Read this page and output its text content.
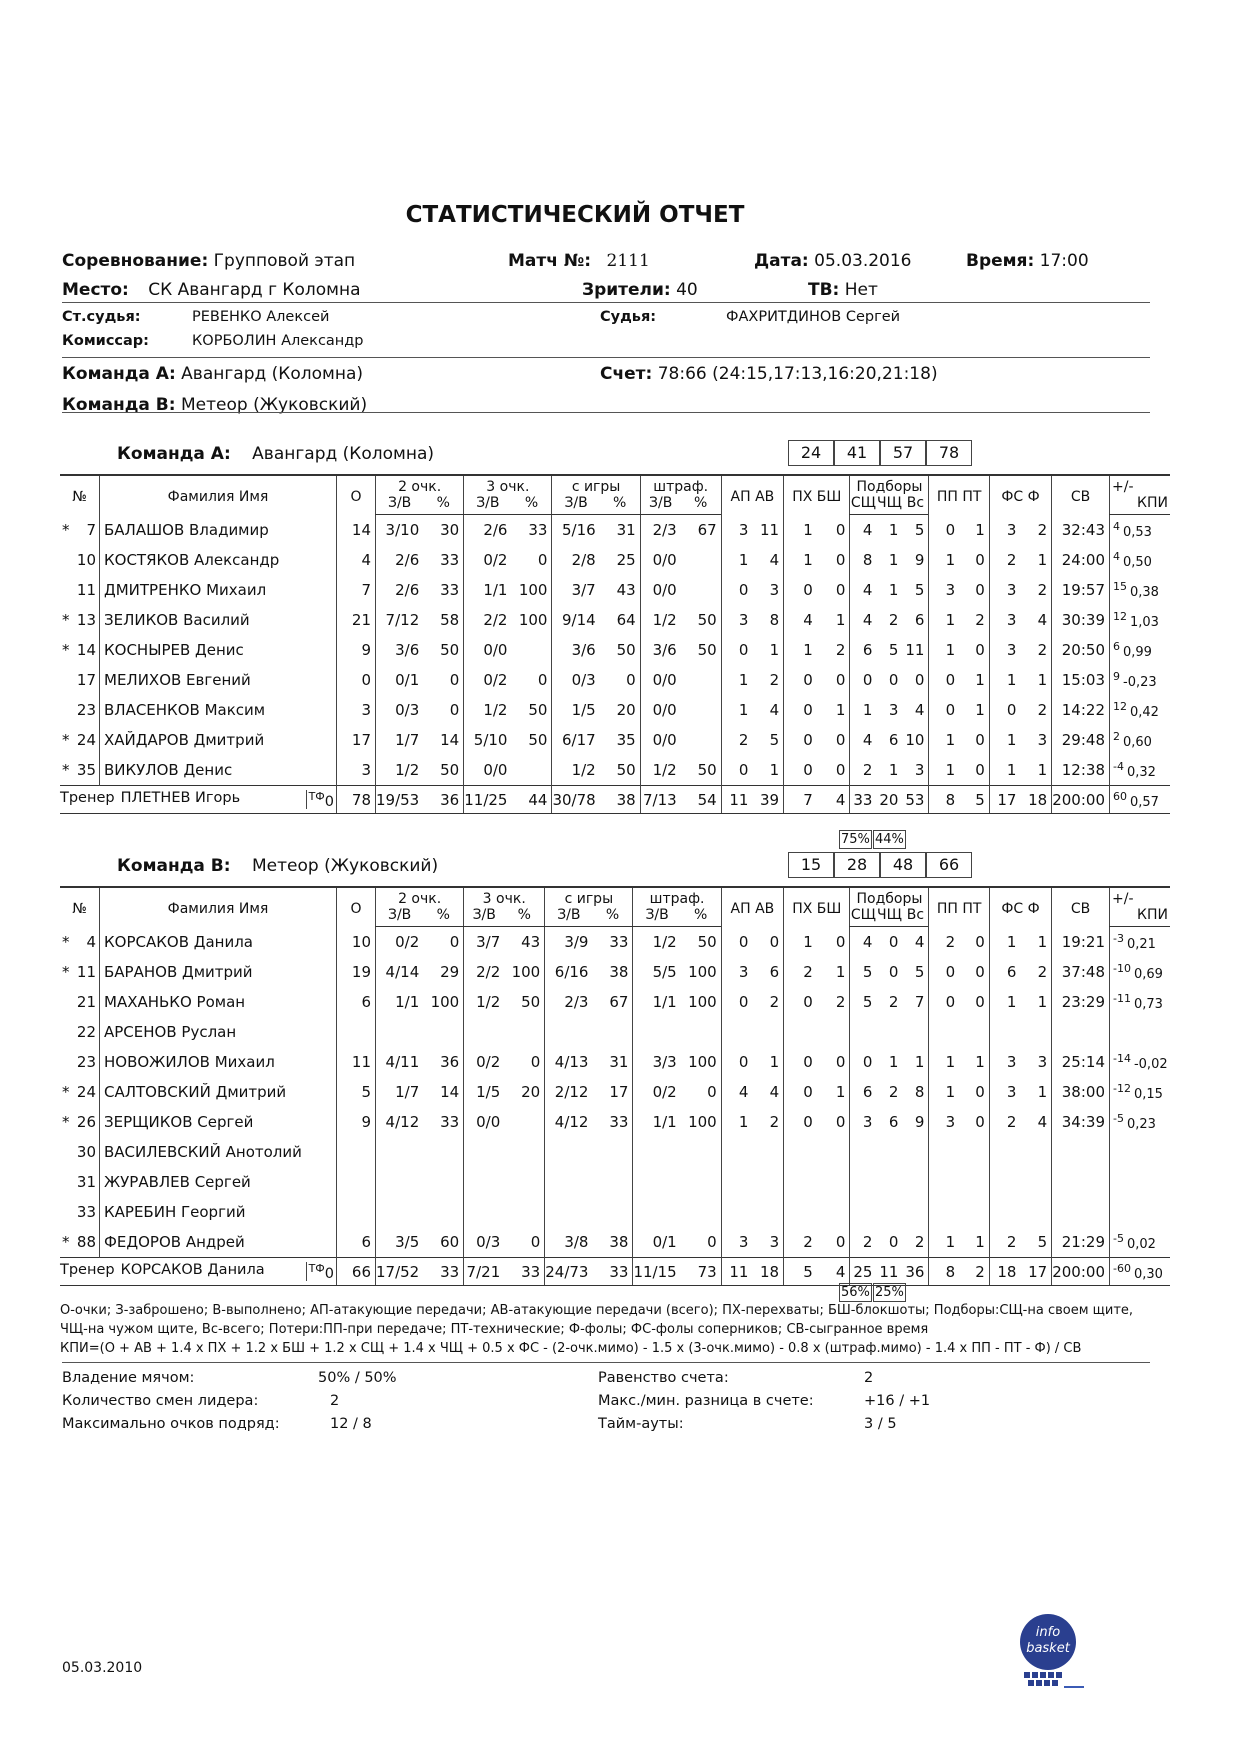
СТАТИСТИЧЕСКИЙ ОТЧЕТ
Соревнование: Групповой этап	Матч №: 2111	Дата: 05.03.2016	Время: 17:00
Место: СК Авангард г Коломна	Зрители: 40	ТВ: Нет
Ст.судья:	РЕВЕНКО Алексей	Судья:	ФАХРИТДИНОВ Сергей
Комиссар:	КОРБОЛИН Александр
Команда А: Авангард (Коломна)	Счет: 78:66 (24:15,17:13,16:20,21:18)
Команда В: Метеор (Жуковский)
Команда А: Авангард (Коломна)	24	41	57	78
№	Фамилия Имя	О	2 очк.		3 очк.		с игры		штраф.		АП АВ		ПХ БШ		Подборы			ПП ПТ		ФС Ф		СВ	+/-
			З/В	%	З/В	%	З/В	%	З/В	%					СЩ	ЧЩ	Вс						КПИ

* 7	БАЛАШОВ Владимир	14	3/10	30	2/6	33	5/16	31	2/3	67	3	11	1	0	4	1	5	0	1	3	2	32:43	$^4$ 0,53

10	КОСТЯКОВ Александр	4	2/6	33	0/2	0	2/8	25	0/0		1	4	1	0	8	1	9	1	0	2	1	24:00	$^4$ 0,50

11	ДМИТРЕНКО Михаил	7	2/6	33	1/1	100	3/7	43	0/0		0	3	0	0	4	1	5	3	0	3	2	19:57	$^{15}$ 0,38

* 13	ЗЕЛИКОВ Василий	21	7/12	58	2/2	100	9/14	64	1/2	50	3	8	4	1	4	2	6	1	2	3	4	30:39	$^{12}$ 1,03

* 14	КОСНЫРЕВ Денис	9	3/6	50	0/0		3/6	50	3/6	50	0	1	1	2	6	5	11	1	0	3	2	20:50	$^6$ 0,99

17	МЕЛИХОВ Евгений	0	0/1	0	0/2	0	0/3	0	0/0		1	2	0	0	0	0	0	0	1	1	1	15:03	$^9$ -0,23

23	ВЛАСЕНКОВ Максим	3	0/3	0	1/2	50	1/5	20	0/0		1	4	0	1	1	3	4	0	1	0	2	14:22	$^{12}$ 0,42

* 24	ХАЙДАРОВ Дмитрий	17	1/7	14	5/10	50	6/17	35	0/0		2	5	0	0	4	6	10	1	0	1	3	29:48	$^2$ 0,60

* 35	ВИКУЛОВ Денис	3	1/2	50	0/0		1/2	50	1/2	50	0	1	0	0	2	1	3	1	0	1	1	12:38	$^{-4}$ 0,32
Тренер ПЛЕТНЕВ Игорь $^{ТФ}$0		78	19/53	36	11/25	44	30/78	38	7/13	54	11	39	7	4	33	20	53	8	5	17	18	200:00	$^{60}$ 0,57
75% 44%
Команда В: Метеор (Жуковский)	15	28	48	66
№	Фамилия Имя	О	2 очк.		3 очк.		с игры		штраф.		АП АВ		ПХ БШ		Подборы			ПП ПТ		ФС Ф		СВ	+/-
			З/В	%	З/В	%	З/В	%	З/В	%					СЩ	ЧЩ	Вс						КПИ

* 4	КОРСАКОВ Данила	10	0/2	0	3/7	43	3/9	33	1/2	50	0	0	1	0	4	0	4	2	0	1	1	19:21	$^{-3}$ 0,21

* 11	БАРАНОВ Дмитрий	19	4/14	29	2/2	100	6/16	38	5/5	100	3	6	2	1	5	0	5	0	0	6	2	37:48	$^{-10}$ 0,69

21	МАХАНЬКО Роман	6	1/1	100	1/2	50	2/3	67	1/1	100	0	2	0	2	5	2	7	0	0	1	1	23:29	$^{-11}$ 0,73

22	АРСЕНОВ Руслан																						

23	НОВОЖИЛОВ Михаил	11	4/11	36	0/2	0	4/13	31	3/3	100	0	1	0	0	0	1	1	1	1	3	3	25:14	$^{-14}$ -0,02

* 24	САЛТОВСКИЙ Дмитрий	5	1/7	14	1/5	20	2/12	17	0/2	0	4	4	0	1	6	2	8	1	0	3	1	38:00	$^{-12}$ 0,15

* 26	ЗЕРЩИКОВ Сергей	9	4/12	33	0/0		4/12	33	1/1	100	1	2	0	0	3	6	9	3	0	2	4	34:39	$^{-5}$ 0,23

30	ВАСИЛЕВСКИЙ Анотолий																						

31	ЖУРАВЛЕВ Сергей																						

33	КАРЕБИН Георгий																						

* 88	ФЕДОРОВ Андрей	6	3/5	60	0/3	0	3/8	38	0/1	0	3	3	2	0	2	0	2	1	1	2	5	21:29	$^{-5}$ 0,02
Тренер КОРСАКОВ Данила $^{ТФ}$0		66	17/52	33	7/21	33	24/73	33	11/15	73	11	18	5	4	25	11	36	8	2	18	17	200:00	$^{-60}$ 0,30
56% 25%
О-очки; З-заброшено; В-выполнено; АП-атакующие передачи; АВ-атакующие передачи (всего); ПХ-перехваты; БШ-блокшоты; Подборы:СЩ-на своем щите,
ЧЩ-на чужом щите, Вс-всего; Потери:ПП-при передаче; ПТ-технические; Ф-фолы; ФС-фолы соперников; СВ-сыгранное время
КПИ=(О + АВ + 1.4 x ПХ + 1.2 x БШ + 1.2 x СЩ + 1.4 x ЧЩ + 0.5 x ФС - (2-очк.мимо) - 1.5 x (3-очк.мимо) - 0.8 x (штраф.мимо) - 1.4 x ПП - ПТ - Ф) / СВ
Владение мячом:	50% / 50%
Количество смен лидера:	2
Максимально очков подряд:	12 / 8
Равенство счета:	2
Макс./мин. разница в счете:	+16 / +1
Тайм-ауты:	3 / 5
05.03.2010
info
basket
